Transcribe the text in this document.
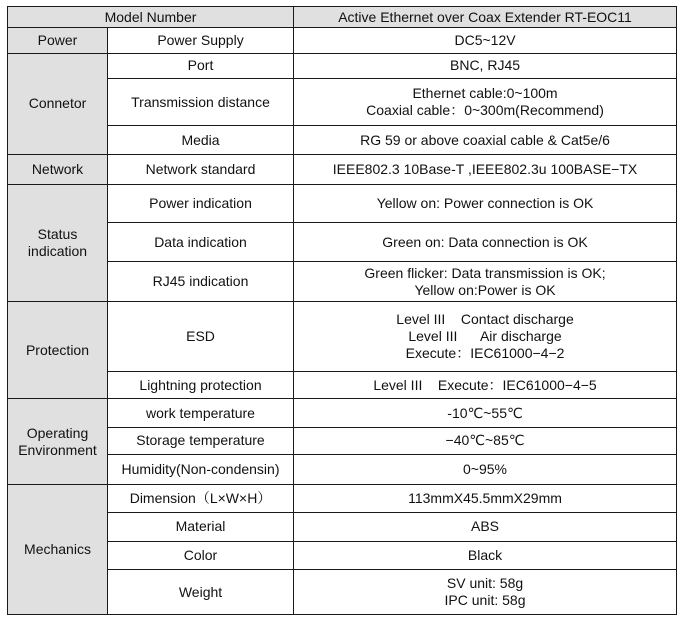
Model Number		Active Ethernet over Coax Extender RT-EOC11
Power	Power Supply	DC5~12V
Connetor	Port	BNC, RJ45
	Transmission distance	Ethernet cable:0~100m
Coaxial cable：0~300m(Recommend)

	Media	RG 59 or above coaxial cable & Cat5e/6
Network	Network standard	IEEE802.3 10Base-T ,IEEE802.3u 100BASE−TX

Status
indication	Power indication	Yellow on: Power connection is OK
	Data indication	Green on: Data connection is OK
	RJ45 indication	Green flicker: Data transmission is OK;
Yellow on:Power is OK

Protection	ESD	Level III    Contact discharge
Level III      Air discharge
Execute：IEC61000−4−2

	Lightning protection	Level III    Execute：IEC61000−4−5

Operating
Environment	work temperature	-10℃~55℃
	Storage temperature	−40℃~85℃
	Humidity(Non-condensin)	0~95%
Mechanics	Dimension（L×W×H）	113mmX45.5mmX29mm
	Material	ABS
	Color	Black
	Weight	SV unit: 58g
IPC unit: 58g
